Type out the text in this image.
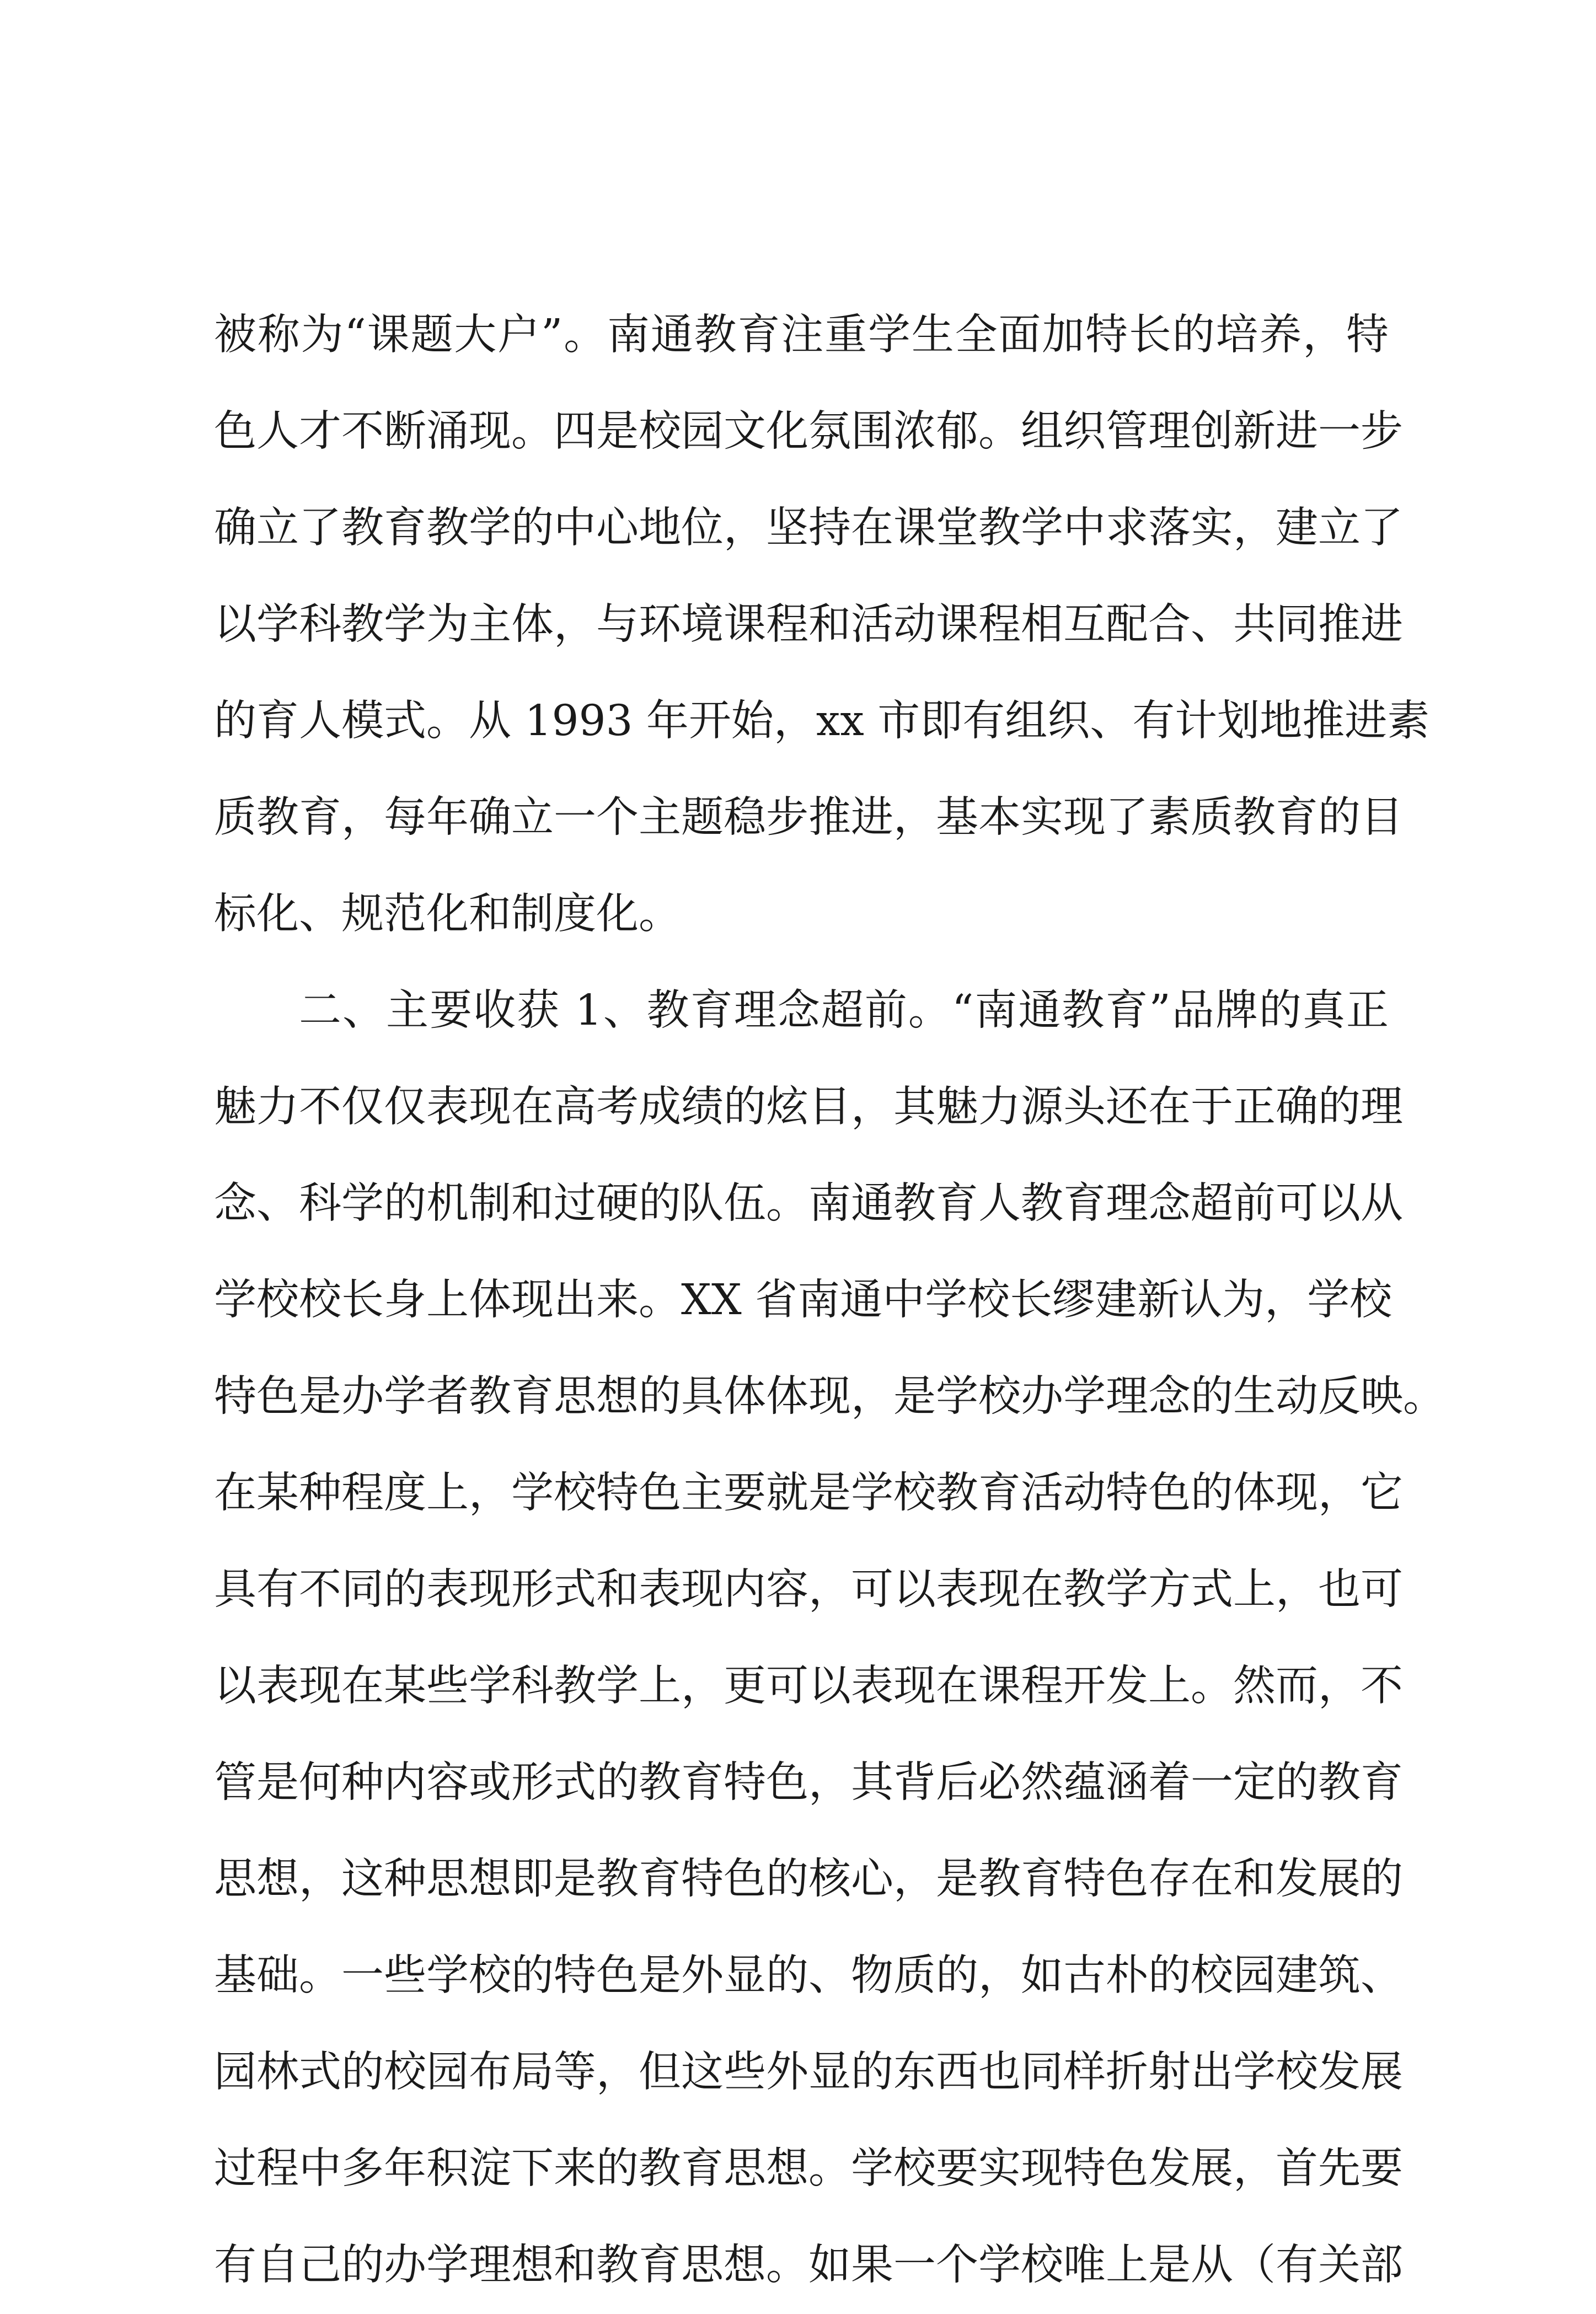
被称为“课题大户”。南通教育注重学生全面加特长的培养，特

色人才不断涌现。四是校园文化氛围浓郁。组织管理创新进一步

确立了教育教学的中心地位，坚持在课堂教学中求落实，建立了

以学科教学为主体，与环境课程和活动课程相互配合、共同推进

的育人模式。从 1993 年开始，xx 市即有组织、有计划地推进素

质教育，每年确立一个主题稳步推进，基本实现了素质教育的目

标化、规范化和制度化。

二、主要收获 1、教育理念超前。“南通教育”品牌的真正

魅力不仅仅表现在高考成绩的炫目，其魅力源头还在于正确的理

念、科学的机制和过硬的队伍。南通教育人教育理念超前可以从

学校校长身上体现出来。XX 省南通中学校长缪建新认为，学校

特色是办学者教育思想的具体体现，是学校办学理念的生动反映。

在某种程度上，学校特色主要就是学校教育活动特色的体现，它

具有不同的表现形式和表现内容，可以表现在教学方式上，也可

以表现在某些学科教学上，更可以表现在课程开发上。然而，不

管是何种内容或形式的教育特色，其背后必然蕴涵着一定的教育

思想，这种思想即是教育特色的核心，是教育特色存在和发展的

基础。一些学校的特色是外显的、物质的，如古朴的校园建筑、

园林式的校园布局等，但这些外显的东西也同样折射出学校发展

过程中多年积淀下来的教育思想。学校要实现特色发展，首先要

有自己的办学理想和教育思想。如果一个学校唯上是从（有关部
